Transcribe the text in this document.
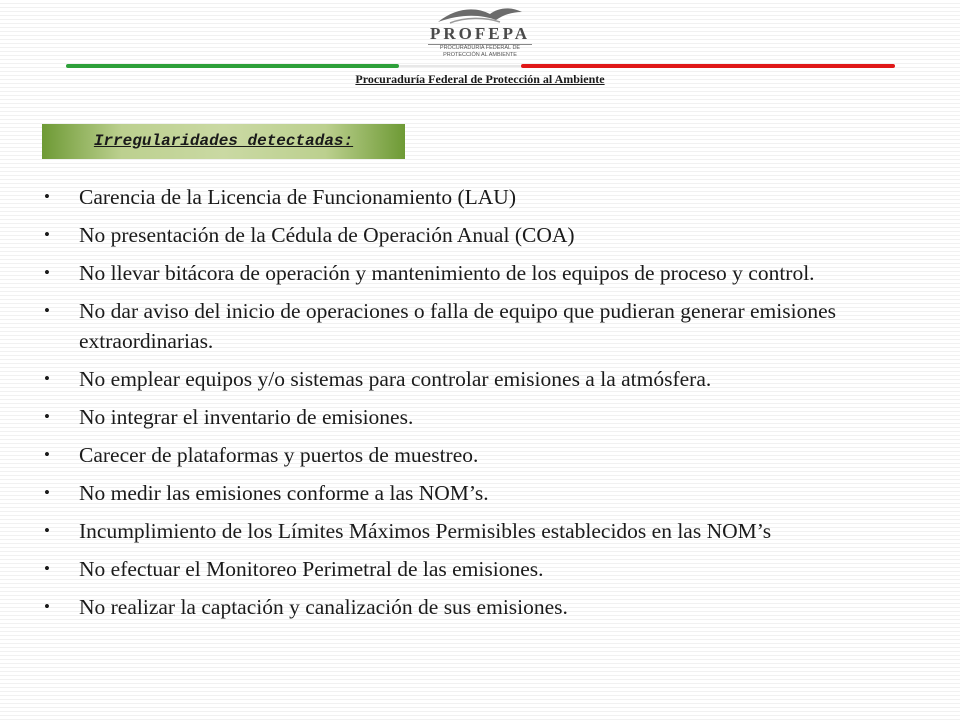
PROFEPA
PROCURADURÍA FEDERAL DE PROTECCIÓN AL AMBIENTE
Procuraduría Federal de Protección al Ambiente
Irregularidades detectadas:
• Carencia de la Licencia de Funcionamiento (LAU)
• No presentación de la Cédula de Operación Anual (COA)
• No llevar bitácora de operación y mantenimiento de los equipos de proceso y control.
• No dar aviso del inicio de operaciones o falla de equipo que pudieran generar emisiones extraordinarias.
• No emplear equipos y/o sistemas para controlar emisiones a la atmósfera.
• No integrar el inventario de emisiones.
• Carecer de plataformas y puertos de muestreo.
• No medir las emisiones conforme a las NOM’s.
• Incumplimiento de los Límites Máximos Permisibles establecidos en las NOM’s
• No efectuar el Monitoreo Perimetral de las emisiones.
• No realizar la captación y canalización de sus emisiones.
